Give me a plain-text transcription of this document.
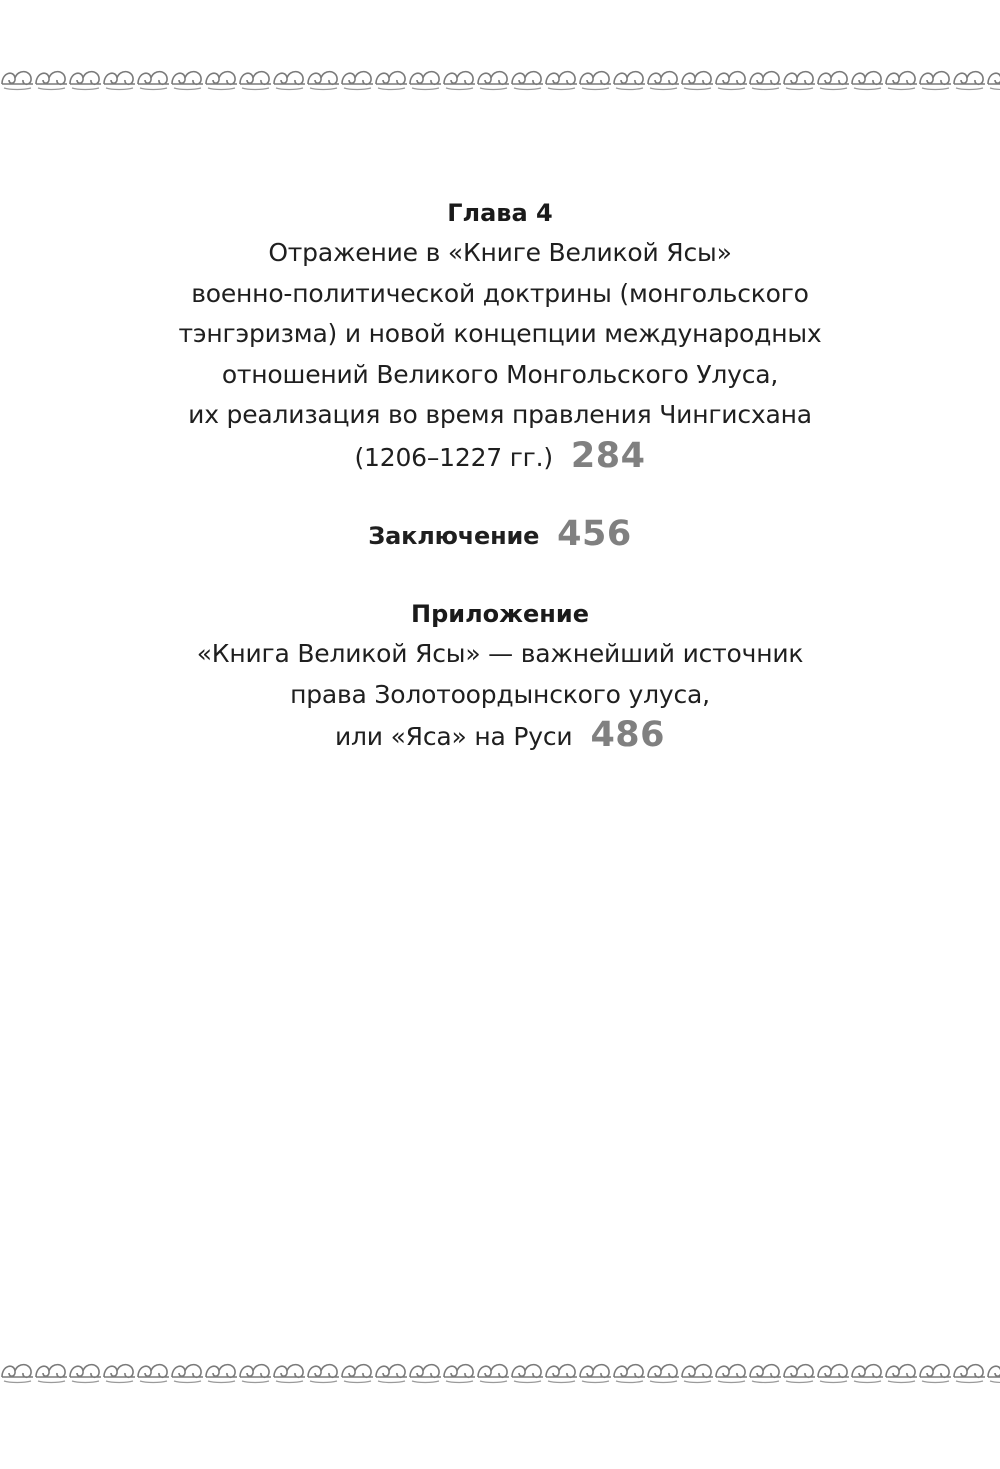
Глава 4
Отражение в «Книге Великой Ясы»
военно-политической доктрины (монгольского
тэнгэризма) и новой концепции международных
отношений Великого Монгольского Улуса,
их реализация во время правления Чингисхана
(1206–1227 гг.) 284
Заключение 456
Приложение
«Книга Великой Ясы» — важнейший источник
права Золотоордынского улуса,
или «Яса» на Руси 486
